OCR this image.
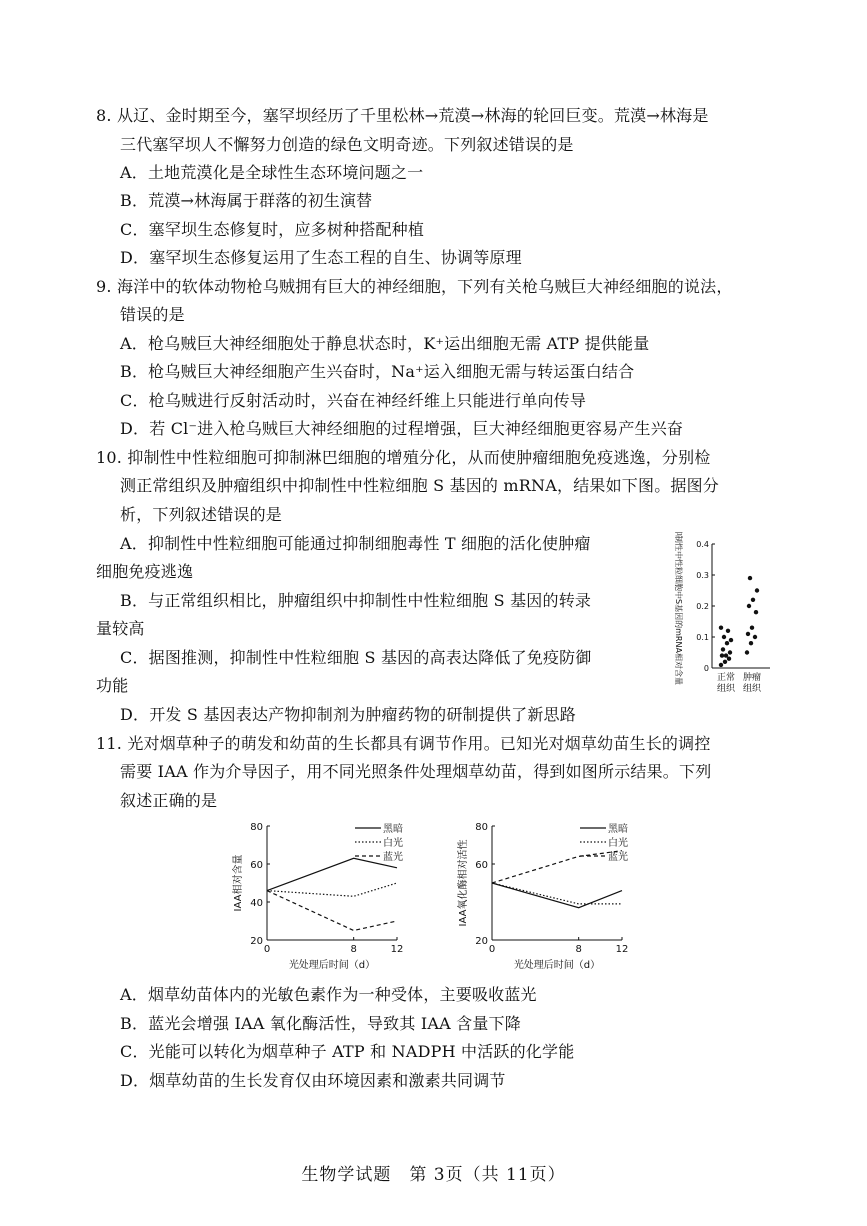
8. 从辽、金时期至今，塞罕坝经历了千里松林→荒漠→林海的轮回巨变。荒漠→林海是
三代塞罕坝人不懈努力创造的绿色文明奇迹。下列叙述错误的是
A．土地荒漠化是全球性生态环境问题之一
B．荒漠→林海属于群落的初生演替
C．塞罕坝生态修复时，应多树种搭配种植
D．塞罕坝生态修复运用了生态工程的自生、协调等原理
9. 海洋中的软体动物枪乌贼拥有巨大的神经细胞，下列有关枪乌贼巨大神经细胞的说法，
错误的是
A．枪乌贼巨大神经细胞处于静息状态时，K⁺运出细胞无需 ATP 提供能量
B．枪乌贼巨大神经细胞产生兴奋时，Na⁺运入细胞无需与转运蛋白结合
C．枪乌贼进行反射活动时，兴奋在神经纤维上只能进行单向传导
D．若 Cl⁻进入枪乌贼巨大神经细胞的过程增强，巨大神经细胞更容易产生兴奋
10. 抑制性中性粒细胞可抑制淋巴细胞的增殖分化，从而使肿瘤细胞免疫逃逸，分别检
测正常组织及肿瘤组织中抑制性中性粒细胞 S 基因的 mRNA，结果如下图。据图分
析，下列叙述错误的是
A．抑制性中性粒细胞可能通过抑制细胞毒性 T 细胞的活化使肿瘤
细胞免疫逃逸
B．与正常组织相比，肿瘤组织中抑制性中性粒细胞 S 基因的转录
量较高
C．据图推测，抑制性中性粒细胞 S 基因的高表达降低了免疫防御
功能
D．开发 S 基因表达产物抑制剂为肿瘤药物的研制提供了新思路
0
0.1
0.2
0.3
0.4
正常
组织
肿瘤
组织
抑制性中性粒细胞中S基因的mRNA相对含量
11. 光对烟草种子的萌发和幼苗的生长都具有调节作用。已知光对烟草幼苗生长的调控
需要 IAA 作为介导因子，用不同光照条件处理烟草幼苗，得到如图所示结果。下列
叙述正确的是
20
40
60
80
0	8	12
光处理后时间（d）
IAA相对含量
黑暗
白光
蓝光
20
60
80
0	8	12
光处理后时间（d）
IAA氧化酶相对活性
黑暗
白光
蓝光
A．烟草幼苗体内的光敏色素作为一种受体，主要吸收蓝光
B．蓝光会增强 IAA 氧化酶活性，导致其 IAA 含量下降
C．光能可以转化为烟草种子 ATP 和 NADPH 中活跃的化学能
D．烟草幼苗的生长发育仅由环境因素和激素共同调节
生物学试题　第 3页（共 11页）
